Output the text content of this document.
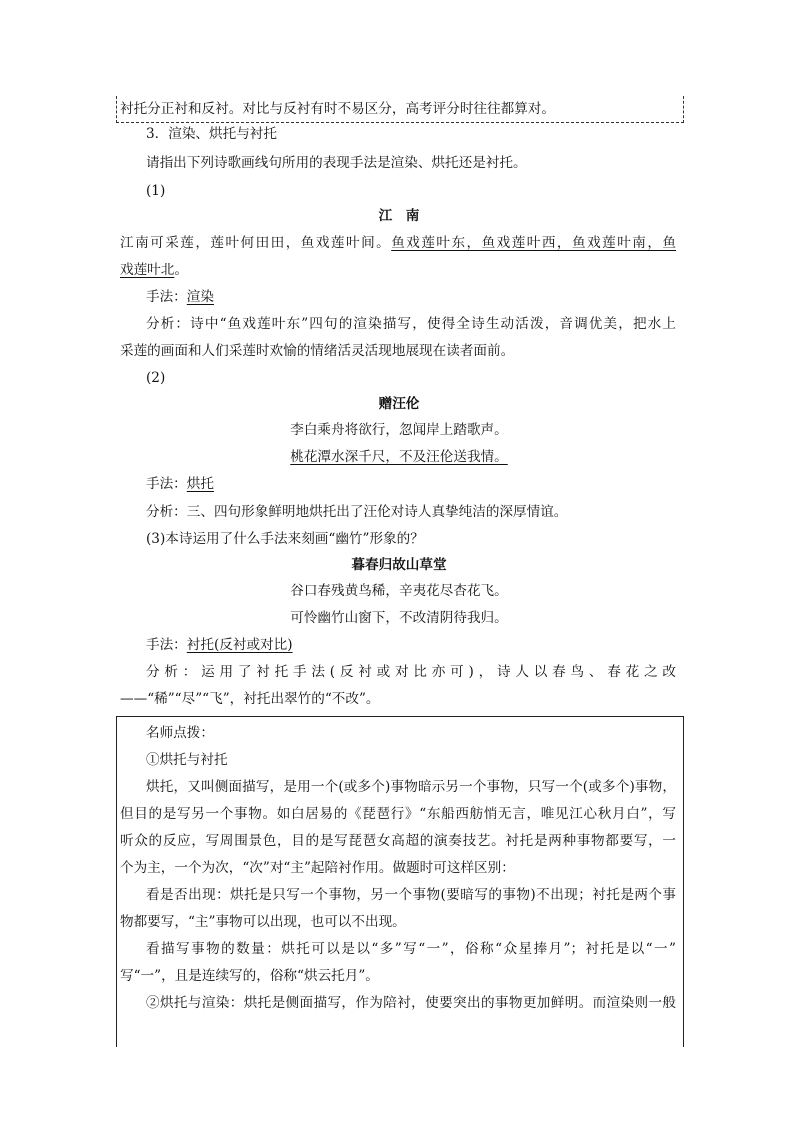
衬托分正衬和反衬。对比与反衬有时不易区分，高考评分时往往都算对。
3．渲染、烘托与衬托
请指出下列诗歌画线句所用的表现手法是渲染、烘托还是衬托。
(1)
江　南
江南可采莲，莲叶何田田，鱼戏莲叶间。鱼戏莲叶东，鱼戏莲叶西，鱼戏莲叶南，鱼
戏莲叶北。
手法：渲染
分析：诗中“鱼戏莲叶东”四句的渲染描写，使得全诗生动活泼，音调优美，把水上
采莲的画面和人们采莲时欢愉的情绪活灵活现地展现在读者面前。
(2)
赠汪伦
李白乘舟将欲行，忽闻岸上踏歌声。
桃花潭水深千尺，不及汪伦送我情。
手法：烘托
分析：三、四句形象鲜明地烘托出了汪伦对诗人真挚纯洁的深厚情谊。
(3)本诗运用了什么手法来刻画“幽竹”形象的？
暮春归故山草堂
谷口春残黄鸟稀，辛夷花尽杏花飞。
可怜幽竹山窗下，不改清阴待我归。
手法：衬托(反衬或对比)
分析：运用了衬托手法(反衬或对比亦可)，诗人以春鸟、春花之改
——“稀”“尽”“飞”，衬托出翠竹的“不改”。
名师点拨：
①烘托与衬托
烘托，又叫侧面描写，是用一个(或多个)事物暗示另一个事物，只写一个(或多个)事物，
但目的是写另一个事物。如白居易的《琵琶行》“东船西舫悄无言，唯见江心秋月白”，写
听众的反应，写周围景色，目的是写琵琶女高超的演奏技艺。衬托是两种事物都要写，一
个为主，一个为次，“次”对“主”起陪衬作用。做题时可这样区别：
看是否出现：烘托是只写一个事物，另一个事物(要暗写的事物)不出现；衬托是两个事
物都要写，“主”事物可以出现，也可以不出现。
看描写事物的数量：烘托可以是以“多”写“一”，俗称“众星捧月”；衬托是以“一”
写“一”，且是连续写的，俗称“烘云托月”。
②烘托与渲染：烘托是侧面描写，作为陪衬，使要突出的事物更加鲜明。而渲染则一般
